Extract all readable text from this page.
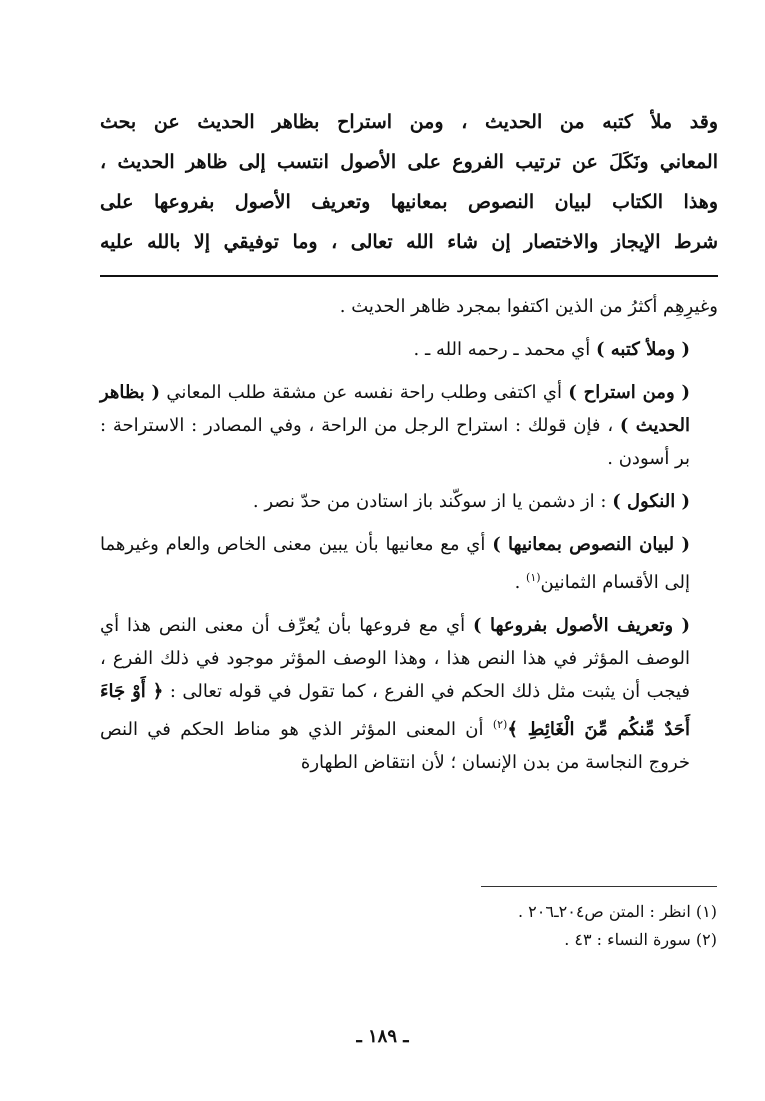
وقد ملأ كتبه من الحديث ، ومن استراح بظاهر الحديث عن بحث
المعاني ونَكَلَ عن ترتيب الفروع على الأصول انتسب إلى ظاهر الحديث ،
وهذا الكتاب لبيان النصوص بمعانيها وتعريف الأصول بفروعها على
شرط الإيجاز والاختصار إن شاء الله تعالى ، وما توفيقي إلا بالله عليه

وغيرِهِم أكثرُ من الذين اكتفوا بمجرد ظاهر الحديث .

( وملأ كتبه ) أي محمد ـ رحمه الله ـ .

( ومن استراح ) أي اكتفى وطلب راحة نفسه عن مشقة طلب المعاني ( بظاهر الحديث ) ، فإن قولك : استراح الرجل من الراحة ، وفي المصادر : الاستراحة : بر أسودن .

( النكول ) : از دشمن يا از سوكّند باز استادن من حدّ نصر .

( لبيان النصوص بمعانيها ) أي مع معانيها بأن يبين معنى الخاص والعام وغيرهما إلى الأقسام الثمانين$^{(١)}$ .

( وتعريف الأصول بفروعها ) أي مع فروعها بأن يُعرِّف أن معنى النص هذا أي الوصف المؤثر في هذا النص هذا ، وهذا الوصف المؤثر موجود في ذلك الفرع ، فيجب أن يثبت مثل ذلك الحكم في الفرع ، كما تقول في قوله تعالى : ﴿ أَوْ جَاءَ أَحَدٌ مِّنكُم مِّنَ الْغَائِطِ ﴾$^{(٢)}$ أن المعنى المؤثر الذي هو مناط الحكم في النص خروج النجاسة من بدن الإنسان ؛ لأن انتقاض الطهارة

(١) انظر : المتن ص٢٠٤ـ٢٠٦ .
(٢) سورة النساء : ٤٣ .
ـ ١٨٩ ـ
